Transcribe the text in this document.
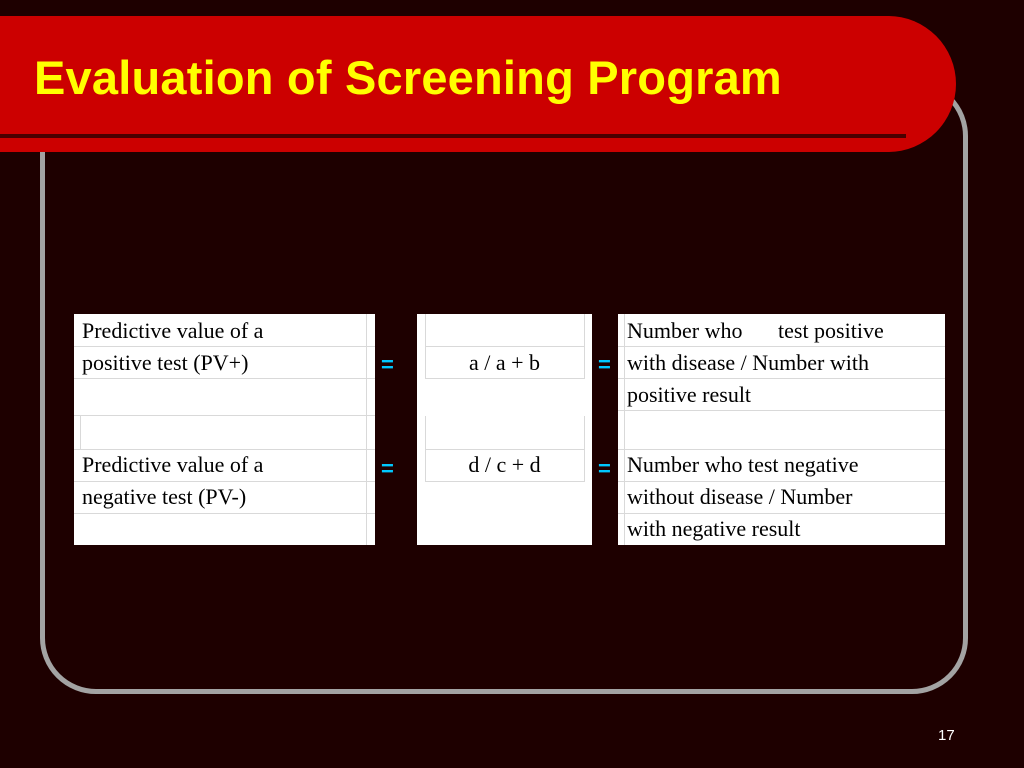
Evaluation of Screening Program
Predictive value of a
positive test (PV+)
Predictive value of a
negative test (PV-)
=
=
a / a + b
d / c + d
=
=
Number who test positive
with disease / Number with
positive result
Number who test negative
without disease / Number
with negative result
17
